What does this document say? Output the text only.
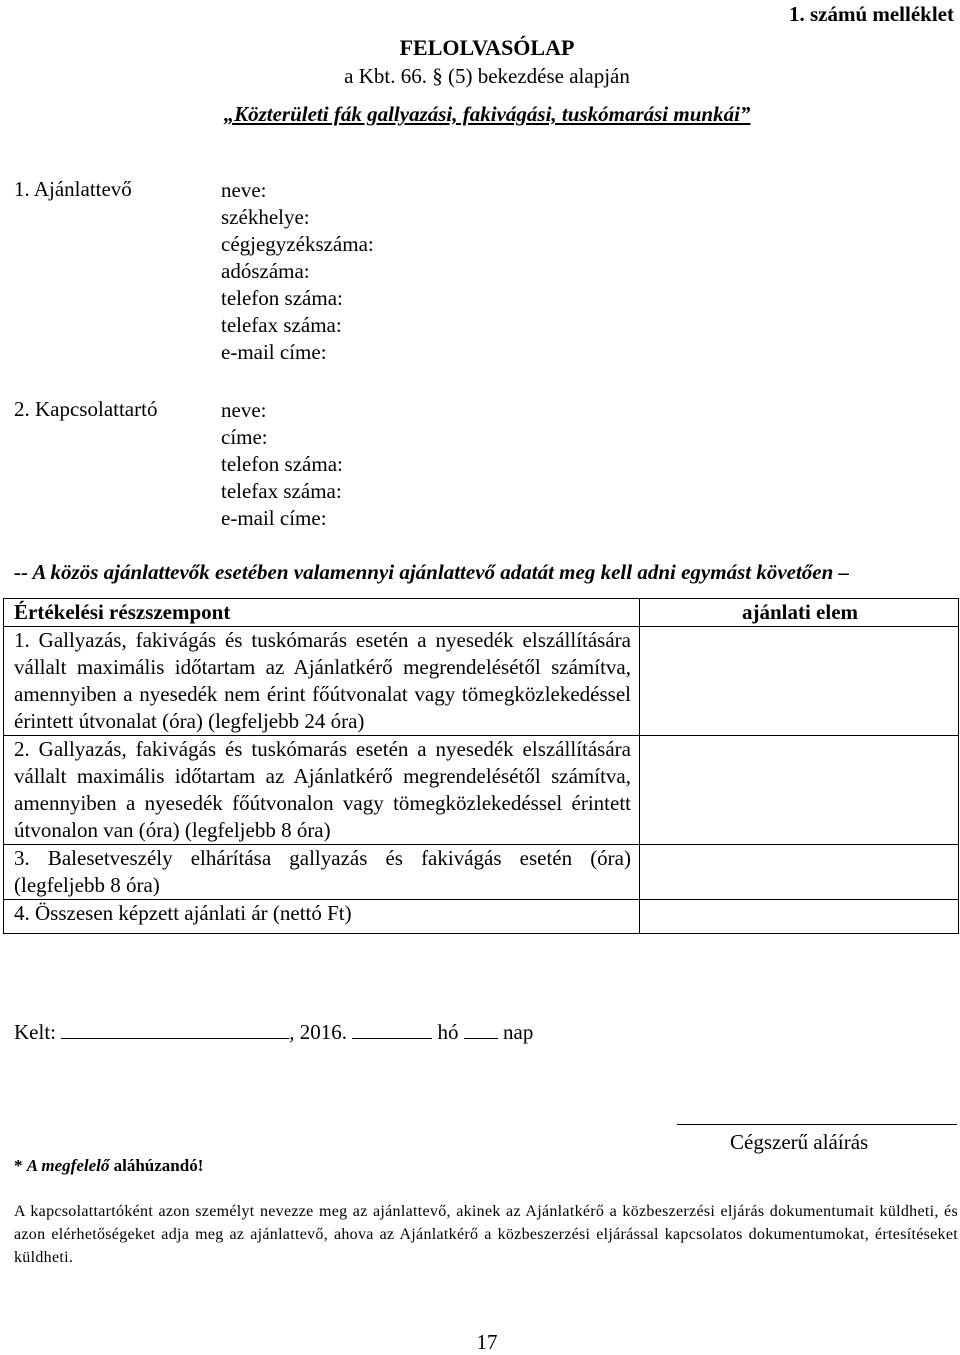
1. számú melléklet
FELOLVASÓLAP
a Kbt. 66. § (5) bekezdése alapján
„Közterületi fák gallyazási, fakivágási, tuskómarási munkái”
1. Ajánlattevő	neve:
székhelye:
cégjegyzékszáma:
adószáma:
telefon száma:
telefax száma:
e-mail címe:
2. Kapcsolattartó	neve:
címe:
telefon száma:
telefax száma:
e-mail címe:
-- A közös ajánlattevők esetében valamennyi ajánlattevő adatát meg kell adni egymást követően –
Értékelési részszempont	ajánlati elem
1. Gallyazás, fakivágás és tuskómarás esetén a nyesedék elszállítására vállalt maximális időtartam az Ajánlatkérő megrendelésétől számítva, amennyiben a nyesedék nem érint főútvonalat vagy tömegközlekedéssel érintett útvonalat (óra) (legfeljebb 24 óra)	
2. Gallyazás, fakivágás és tuskómarás esetén a nyesedék elszállítására vállalt maximális időtartam az Ajánlatkérő megrendelésétől számítva, amennyiben a nyesedék főútvonalon vagy tömegközlekedéssel érintett útvonalon van (óra) (legfeljebb 8 óra)	
3. Balesetveszély elhárítása gallyazás és fakivágás esetén (óra) (legfeljebb 8 óra)	
4. Összesen képzett ajánlati ár (nettó Ft)	
Kelt:	, 2016.	hó nap
Cégszerű aláírás
* A megfelelő aláhúzandó!
A kapcsolattartóként azon személyt nevezze meg az ajánlattevő, akinek az Ajánlatkérő a közbeszerzési eljárás dokumentumait küldheti, és azon elérhetőségeket adja meg az ajánlattevő, ahova az Ajánlatkérő a közbeszerzési eljárással kapcsolatos dokumentumokat, értesítéseket küldheti.
17
